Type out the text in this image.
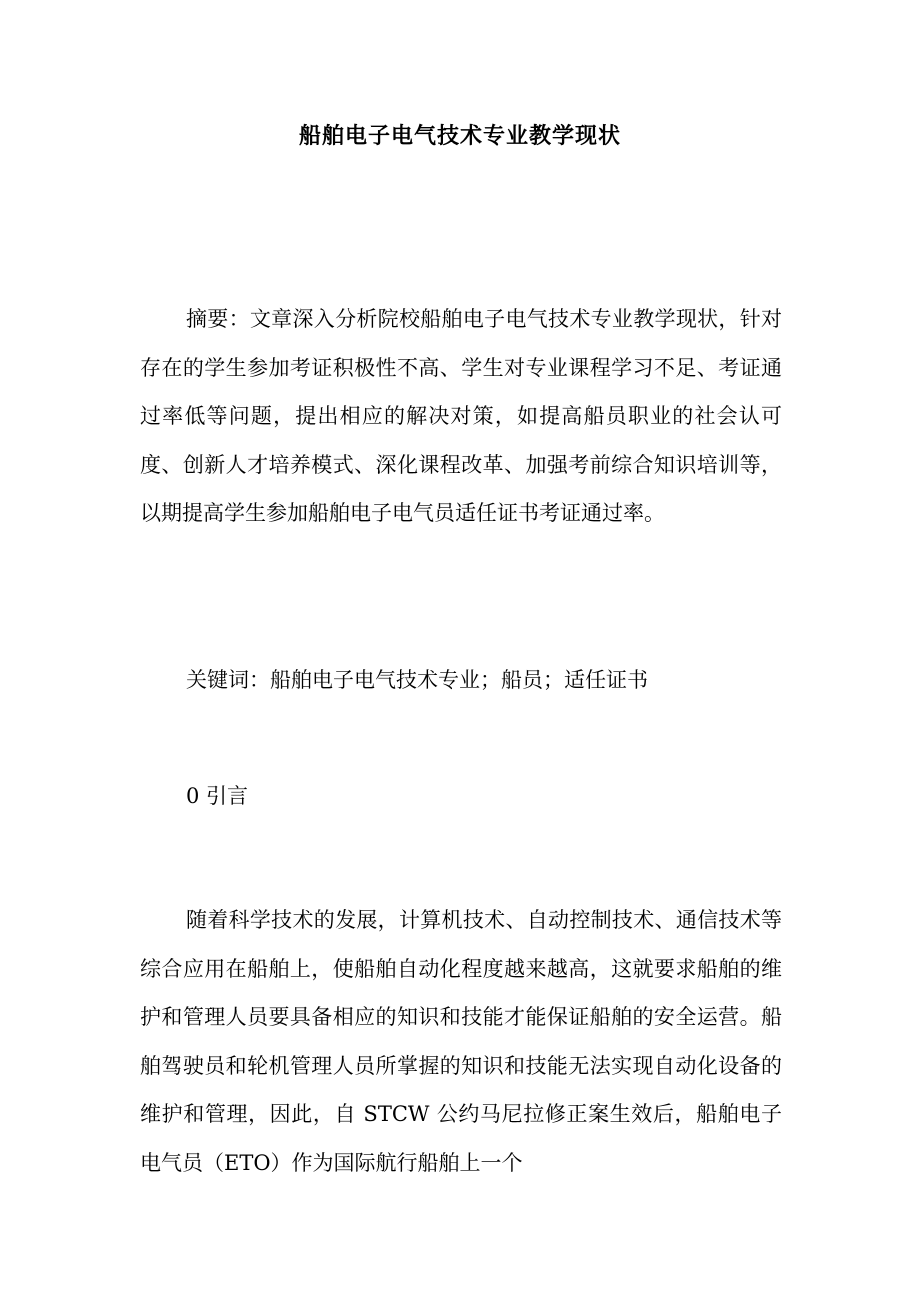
船舶电子电气技术专业教学现状

摘要：文章深入分析院校船舶电子电气技术专业教学现状，针对存在的学生参加考证积极性不高、学生对专业课程学习不足、考证通过率低等问题，提出相应的解决对策，如提高船员职业的社会认可度、创新人才培养模式、深化课程改革、加强考前综合知识培训等，以期提高学生参加船舶电子电气员适任证书考证通过率。

关键词：船舶电子电气技术专业；船员；适任证书

0 引言

随着科学技术的发展，计算机技术、自动控制技术、通信技术等综合应用在船舶上，使船舶自动化程度越来越高，这就要求船舶的维护和管理人员要具备相应的知识和技能才能保证船舶的安全运营。船舶驾驶员和轮机管理人员所掌握的知识和技能无法实现自动化设备的维护和管理，因此，自 STCW 公约马尼拉修正案生效后，船舶电子电气员（ETO）作为国际航行船舶上一个
